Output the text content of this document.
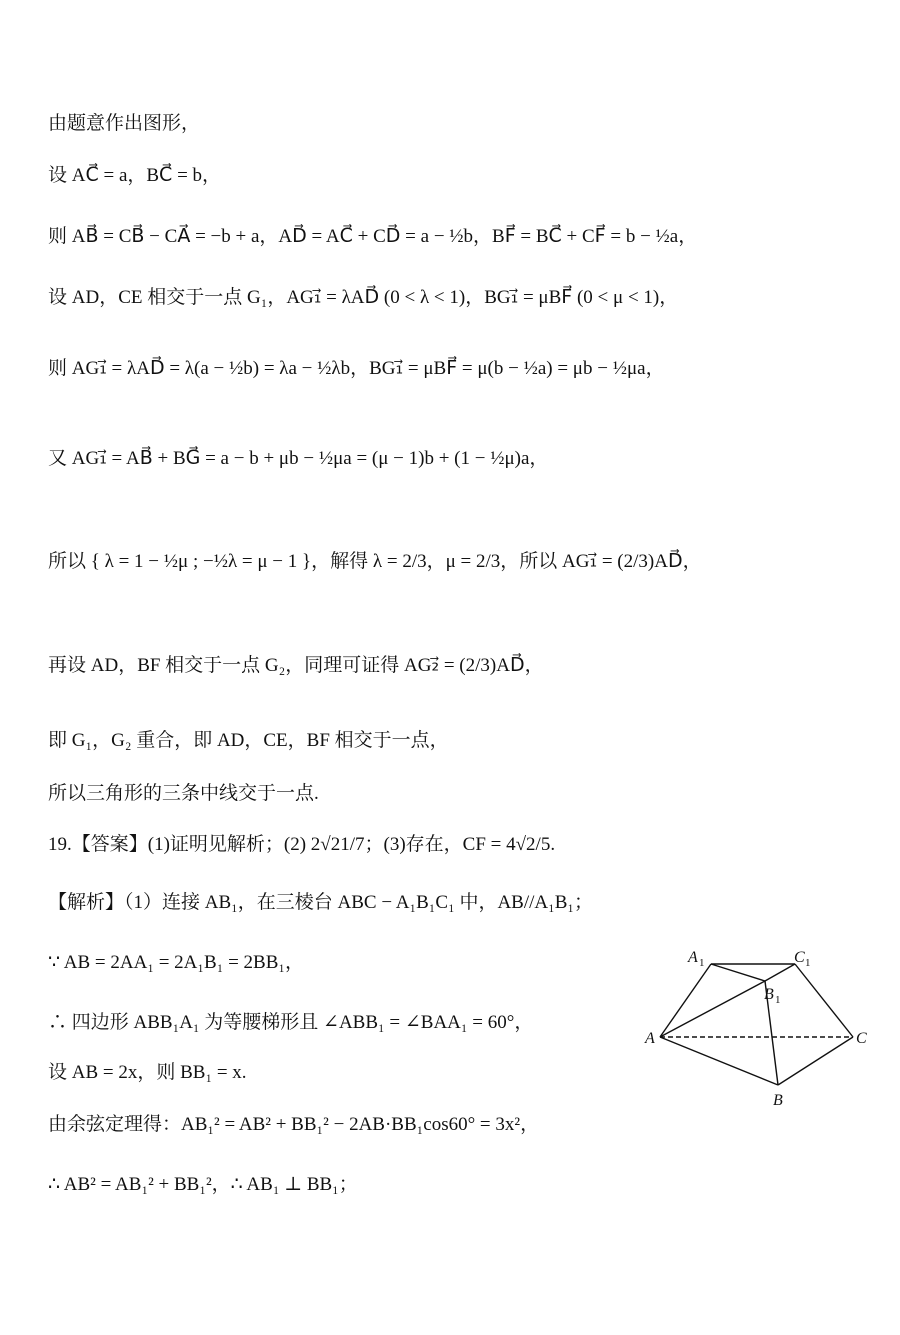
由题意作出图形，
设 AC⃗ = a，BC⃗ = b，
则 AB⃗ = CB⃗ − CA⃗ = −b + a，AD⃗ = AC⃗ + CD⃗ = a − ½b，BF⃗ = BC⃗ + CF⃗ = b − ½a，
设 AD，CE 相交于一点 G₁，AG₁⃗ = λAD⃗ (0 < λ < 1)，BG₁⃗ = μBF⃗ (0 < μ < 1)，
则 AG₁⃗ = λAD⃗ = λ(a − ½b) = λa − ½λb，BG₁⃗ = μBF⃗ = μ(b − ½a) = μb − ½μa，
又 AG₁⃗ = AB⃗ + BG⃗ = a − b + μb − ½μa = (μ − 1)b + (1 − ½μ)a，
所以 { λ = 1 − ½μ ; −½λ = μ − 1 }，解得 λ = 2/3，μ = 2/3，所以 AG₁⃗ = (2/3)AD⃗，
再设 AD，BF 相交于一点 G₂，同理可证得 AG₂⃗ = (2/3)AD⃗，
即 G₁，G₂ 重合，即 AD，CE，BF 相交于一点，
所以三角形的三条中线交于一点.
19.【答案】(1)证明见解析；(2) 2√21/7；(3)存在，CF = 4√2/5.
【解析】（1）连接 AB₁，在三棱台 ABC − A₁B₁C₁ 中，AB//A₁B₁；
∵ AB = 2AA₁ = 2A₁B₁ = 2BB₁，
∴ 四边形 ABB₁A₁ 为等腰梯形且 ∠ABB₁ = ∠BAA₁ = 60°，
设 AB = 2x，则 BB₁ = x.
由余弦定理得：AB₁² = AB² + BB₁² − 2AB·BB₁cos60° = 3x²，
∴ AB² = AB₁² + BB₁²，∴ AB₁ ⊥ BB₁；
A 1	C 1
B 1
A	C
B
